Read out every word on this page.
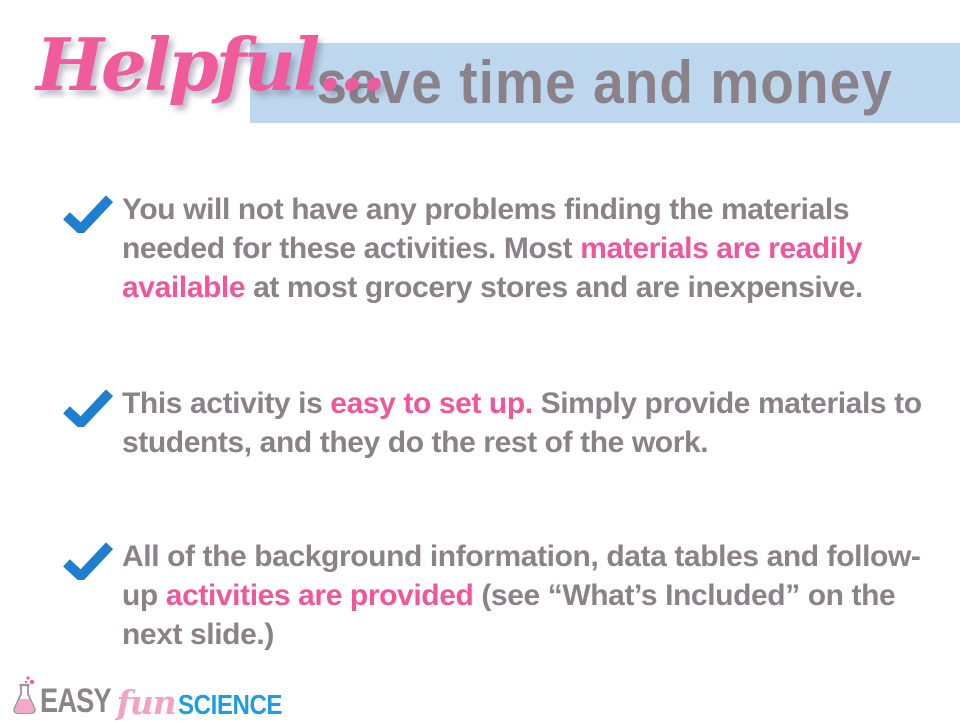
save time and money
Helpful...
You will not have any problems finding the materials needed for these activities. Most materials are readily available at most grocery stores and are inexpensive.
This activity is easy to set up. Simply provide materials to students, and they do the rest of the work.
All of the background information, data tables and follow-up activities are provided (see “What’s Included” on the next slide.)
EASY fun SCIENCE
